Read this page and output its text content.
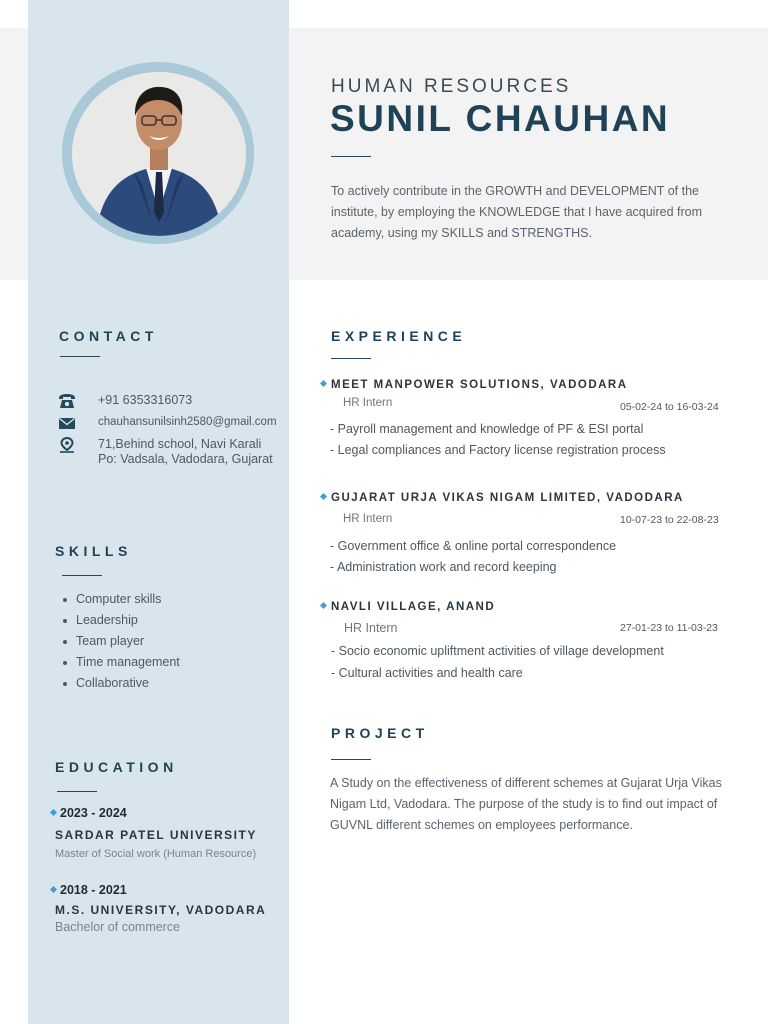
HUMAN RESOURCES
SUNIL CHAUHAN
To actively contribute in the GROWTH and DEVELOPMENT of the institute, by employing the KNOWLEDGE that I have acquired from academy, using my SKILLS and STRENGTHS.
CONTACT
+91 6353316073
chauhansunilsinh2580@gmail.com
71,Behind school, Navi Karali
Po: Vadsala, Vadodara, Gujarat
SKILLS
Computer skills
Leadership
Team player
Time management
Collaborative
EDUCATION
2023 - 2024
SARDAR PATEL UNIVERSITY
Master of Social work (Human Resource)
2018 - 2021
M.S. UNIVERSITY, VADODARA
Bachelor of commerce
EXPERIENCE
MEET MANPOWER SOLUTIONS, VADODARA
HR Intern	05-02-24 to 16-03-24
- Payroll management and knowledge of PF & ESI portal
- Legal compliances and Factory license registration process
GUJARAT URJA VIKAS NIGAM LIMITED, VADODARA
HR Intern	10-07-23 to 22-08-23
- Government office & online portal correspondence
- Administration work and record keeping
NAVLI VILLAGE, ANAND
HR Intern	27-01-23 to 11-03-23
- Socio economic upliftment activities of village development
- Cultural activities and health care
PROJECT
A Study on the effectiveness of different schemes at Gujarat Urja Vikas Nigam Ltd, Vadodara. The purpose of the study is to find out impact of GUVNL different schemes on employees performance.
